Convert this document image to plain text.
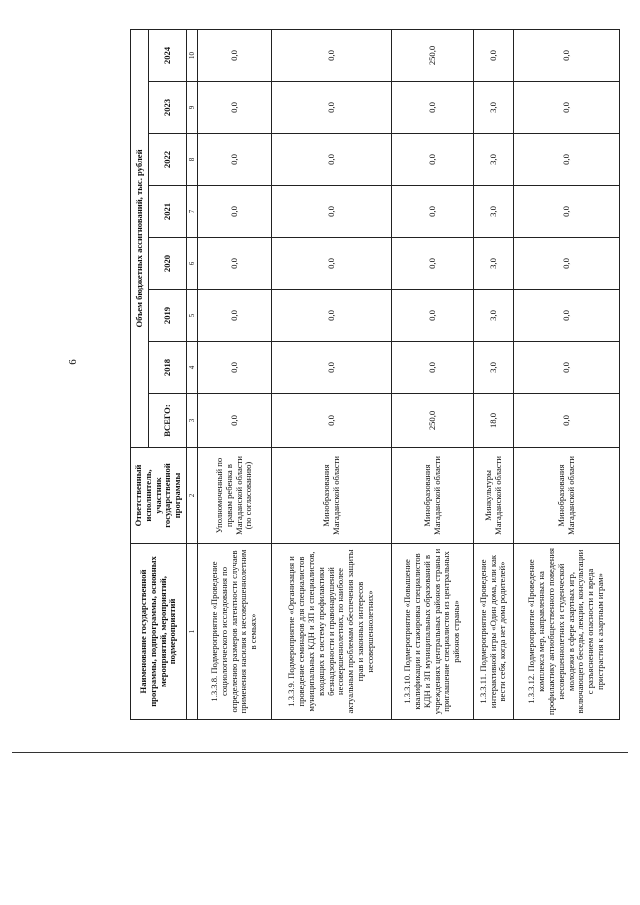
6
Наименование государственной программы, подпрограммы, основных мероприятий, мероприятий, подмероприятий	Ответственный исполнитель, участник государственной программы	Объем бюджетных ассигнований, тыс. рублей							
		ВСЕГО:	2018	2019	2020	2021	2022	2023	2024
1	2	3	4	5	6	7	8	9	10
1.3.3.8. Подмероприятие «Проведение социологического исследования по определению размеров латентности случаев применения насилия к несовершеннолетним в семьях»	Уполномоченный по правам ребенка в Магаданской области (по согласованию)	0,0	0,0	0,0	0,0	0,0	0,0	0,0	0,0
1.3.3.9. Подмероприятие «Организация и проведение семинаров для специалистов муниципальных КДН и ЗП и специалистов, входящих в систему профилактики безнадзорности и правонарушений несовершеннолетних, по наиболее актуальным проблемам обеспечения защиты прав и законных интересов несовершеннолетних»	Минобразования Магаданской области	0,0	0,0	0,0	0,0	0,0	0,0	0,0	0,0
1.3.3.10. Подмероприятие «Повышение квалификации и стажировка специалистов КДН и ЗП муниципальных образований в учреждениях центральных районов страны и приглашение специалистов из центральных районов страны»	Минобразования Магаданской области	250,0	0,0	0,0	0,0	0,0	0,0	0,0	250,0
1.3.3.11. Подмероприятие «Проведение интерактивной игры «Один дома, или как вести себя, когда нет дома родителей»	Минкультуры Магаданской области	18,0	3,0	3,0	3,0	3,0	3,0	3,0	0,0
1.3.3.12. Подмероприятие «Проведение комплекса мер, направленных на профилактику антиобщественного поведения несовершеннолетних и студенческой молодежи в сфере азартных игр, включающего беседы, лекции, консультации с разъяснением опасности и вреда пристрастия к азартным играм»	Минобразования Магаданской области	0,0	0,0	0,0	0,0	0,0	0,0	0,0	0,0
